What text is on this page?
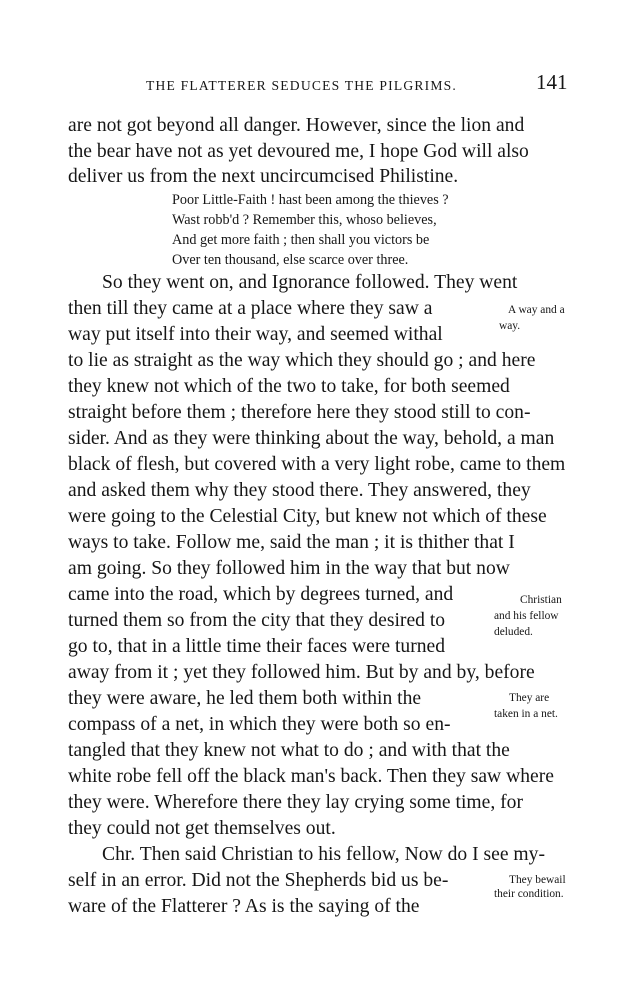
THE FLATTERER SEDUCES THE PILGRIMS.	141
are not got beyond all danger. However, since the lion and
the bear have not as yet devoured me, I hope God will also
deliver us from the next uncircumcised Philistine.
Poor Little-Faith ! hast been among the thieves ?
Wast robb'd ? Remember this, whoso believes,
And get more faith ; then shall you victors be
Over ten thousand, else scarce over three.
So they went on, and Ignorance followed. They went
then till they came at a place where they saw a
way put itself into their way, and seemed withal
to lie as straight as the way which they should go ; and here
they knew not which of the two to take, for both seemed
straight before them ; therefore here they stood still to con-
sider. And as they were thinking about the way, behold, a man
black of flesh, but covered with a very light robe, came to them
and asked them why they stood there. They answered, they
were going to the Celestial City, but knew not which of these
ways to take. Follow me, said the man ; it is thither that I
am going. So they followed him in the way that but now
came into the road, which by degrees turned, and
turned them so from the city that they desired to
go to, that in a little time their faces were turned
away from it ; yet they followed him. But by and by, before
they were aware, he led them both within the
compass of a net, in which they were both so en-
tangled that they knew not what to do ; and with that the
white robe fell off the black man's back. Then they saw where
they were. Wherefore there they lay crying some time, for
they could not get themselves out.
Chr. Then said Christian to his fellow, Now do I see my-
self in an error. Did not the Shepherds bid us be-
ware of the Flatterer ? As is the saying of the
A way and a
way.
Christian
and his fellow
deluded.
They are
taken in a net.
They bewail
their condition.
